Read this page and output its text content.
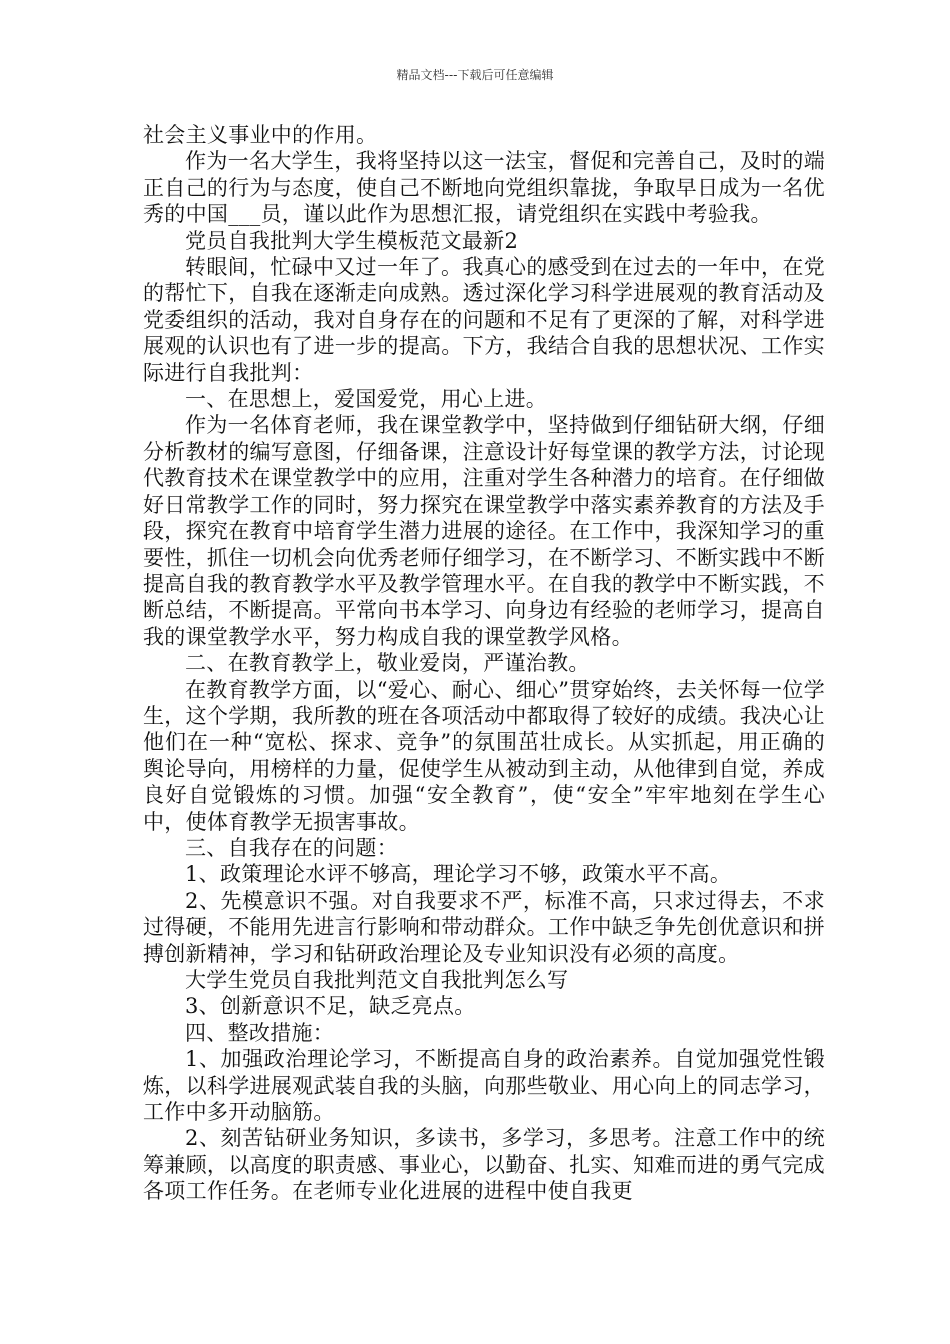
精品文档---下载后可任意编辑

社会主义事业中的作用。

作为一名大学生，我将坚持以这一法宝，督促和完善自己，及时的端正自己的行为与态度，使自己不断地向党组织靠拢，争取早日成为一名优秀的中国___员，谨以此作为思想汇报，请党组织在实践中考验我。

党员自我批判大学生模板范文最新2

转眼间，忙碌中又过一年了。我真心的感受到在过去的一年中，在党的帮忙下，自我在逐渐走向成熟。透过深化学习科学进展观的教育活动及党委组织的活动，我对自身存在的问题和不足有了更深的了解，对科学进展观的认识也有了进一步的提高。下方，我结合自我的思想状况、工作实际进行自我批判：

一、在思想上，爱国爱党，用心上进。

作为一名体育老师，我在课堂教学中，坚持做到仔细钻研大纲，仔细分析教材的编写意图，仔细备课，注意设计好每堂课的教学方法，讨论现代教育技术在课堂教学中的应用，注重对学生各种潜力的培育。在仔细做好日常教学工作的同时，努力探究在课堂教学中落实素养教育的方法及手段，探究在教育中培育学生潜力进展的途径。在工作中，我深知学习的重要性，抓住一切机会向优秀老师仔细学习，在不断学习、不断实践中不断提高自我的教育教学水平及教学管理水平。在自我的教学中不断实践，不断总结，不断提高。平常向书本学习、向身边有经验的老师学习，提高自我的课堂教学水平，努力构成自我的课堂教学风格。

二、在教育教学上，敬业爱岗，严谨治教。

在教育教学方面，以“爱心、耐心、细心”贯穿始终，去关怀每一位学生，这个学期，我所教的班在各项活动中都取得了较好的成绩。我决心让他们在一种“宽松、探求、竞争”的氛围茁壮成长。从实抓起，用正确的舆论导向，用榜样的力量，促使学生从被动到主动，从他律到自觉，养成良好自觉锻炼的习惯。加强“安全教育”，使“安全”牢牢地刻在学生心中，使体育教学无损害事故。

三、自我存在的问题：

1、政策理论水评不够高，理论学习不够，政策水平不高。

2、先模意识不强。对自我要求不严，标准不高，只求过得去，不求过得硬，不能用先进言行影响和带动群众。工作中缺乏争先创优意识和拼搏创新精神，学习和钻研政治理论及专业知识没有必须的高度。

大学生党员自我批判范文自我批判怎么写

3、创新意识不足，缺乏亮点。

四、整改措施：

1、加强政治理论学习，不断提高自身的政治素养。自觉加强党性锻炼，以科学进展观武装自我的头脑，向那些敬业、用心向上的同志学习，工作中多开动脑筋。

2、刻苦钻研业务知识，多读书，多学习，多思考。注意工作中的统筹兼顾，以高度的职责感、事业心，以勤奋、扎实、知难而进的勇气完成各项工作任务。在老师专业化进展的进程中使自我更
